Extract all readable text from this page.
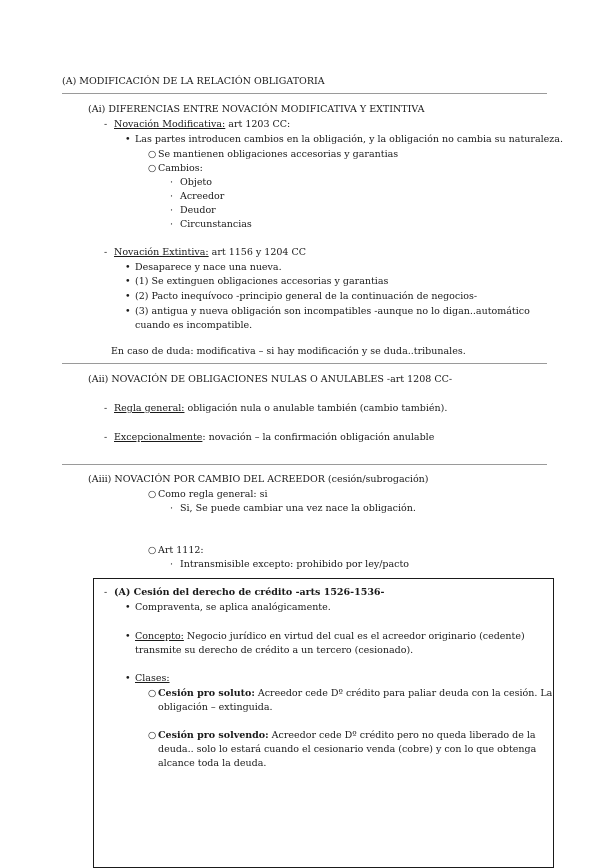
(A) MODIFICACIÓN DE LA RELACIÓN OBLIGATORIA
(Ai) DIFERENCIAS ENTRE NOVACIÓN MODIFICATIVA Y EXTINTIVA
‐ Novación Modificativa: art 1203 CC:
• Las partes introducen cambios en la obligación, y la obligación no cambia su naturaleza.
○ Se mantienen obligaciones accesorias y garantias
○ Cambios:
· Objeto
· Acreedor
· Deudor
· Circunstancias
‐ Novación Extintiva: art 1156 y 1204 CC
• Desaparece y nace una nueva.
• (1) Se extinguen obligaciones accesorias y garantias
• (2) Pacto inequívoco -principio general de la continuación de negocios-
• (3) antigua y nueva obligación son incompatibles -aunque no lo digan..automático cuando es incompatible.
En caso de duda: modificativa – si hay modificación y se duda..tribunales.
(Aii) NOVACIÓN DE OBLIGACIONES NULAS O ANULABLES -art 1208 CC-
‐ Regla general: obligación nula o anulable también (cambio también).
‐ Excepcionalmente: novación – la confirmación obligación anulable
(Aiii) NOVACIÓN POR CAMBIO DEL ACREEDOR (cesión/subrogación)
○ Como regla general: si
· Si, Se puede cambiar una vez nace la obligación.
○ Art 1112:
· Intransmisible excepto: prohibido por ley/pacto
‐ (A) Cesión del derecho de crédito -arts 1526-1536-
• Compraventa, se aplica analógicamente.
• Concepto: Negocio jurídico en virtud del cual es el acreedor originario (cedente) transmite su derecho de crédito a un tercero (cesionado).
• Clases:
○ Cesión pro soluto: Acreedor cede Dº crédito para paliar deuda con la cesión. La obligación – extinguida.
○ Cesión pro solvendo: Acreedor cede Dº crédito pero no queda liberado de la deuda.. solo lo estará cuando el cesionario venda (cobre) y con lo que obtenga alcance toda la deuda.
